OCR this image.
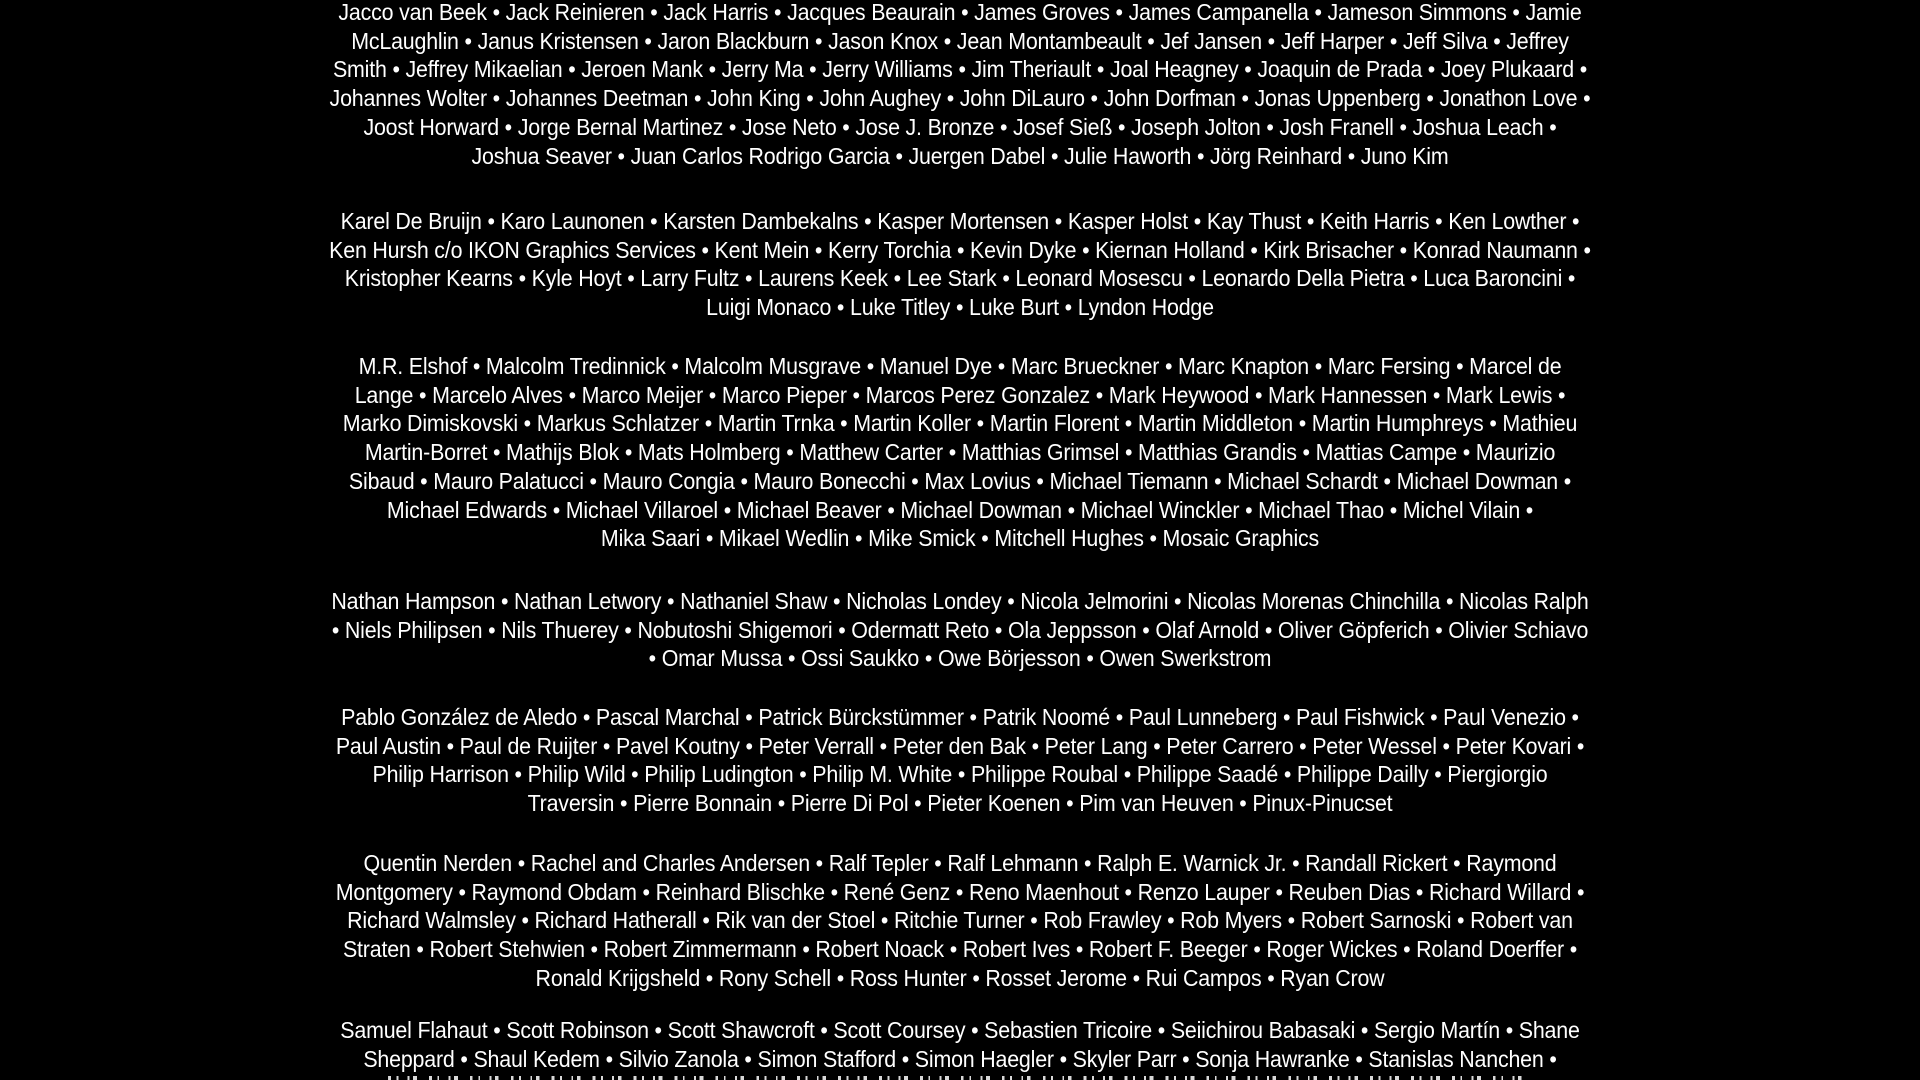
Jacco van Beek • Jack Reinieren • Jack Harris • Jacques Beaurain • James Groves • James Campanella • Jameson Simmons • Jamie
McLaughlin • Janus Kristensen • Jaron Blackburn • Jason Knox • Jean Montambeault • Jef Jansen • Jeff Harper • Jeff Silva • Jeffrey
Smith • Jeffrey Mikaelian • Jeroen Mank • Jerry Ma • Jerry Williams • Jim Theriault • Joal Heagney • Joaquin de Prada • Joey Plukaard •
Johannes Wolter • Johannes Deetman • John King • John Aughey • John DiLauro • John Dorfman • Jonas Uppenberg • Jonathon Love •
Joost Horward • Jorge Bernal Martinez • Jose Neto • Jose J. Bronze • Josef Sieß • Joseph Jolton • Josh Franell • Joshua Leach •
Joshua Seaver • Juan Carlos Rodrigo Garcia • Juergen Dabel • Julie Haworth • Jörg Reinhard • Juno Kim
Karel De Bruijn • Karo Launonen • Karsten Dambekalns • Kasper Mortensen • Kasper Holst • Kay Thust • Keith Harris • Ken Lowther •
Ken Hursh c/o IKON Graphics Services • Kent Mein • Kerry Torchia • Kevin Dyke • Kiernan Holland • Kirk Brisacher • Konrad Naumann •
Kristopher Kearns • Kyle Hoyt • Larry Fultz • Laurens Keek • Lee Stark • Leonard Mosescu • Leonardo Della Pietra • Luca Baroncini •
Luigi Monaco • Luke Titley • Luke Burt • Lyndon Hodge
M.R. Elshof • Malcolm Tredinnick • Malcolm Musgrave • Manuel Dye • Marc Brueckner • Marc Knapton • Marc Fersing • Marcel de
Lange • Marcelo Alves • Marco Meijer • Marco Pieper • Marcos Perez Gonzalez • Mark Heywood • Mark Hannessen • Mark Lewis •
Marko Dimiskovski • Markus Schlatzer • Martin Trnka • Martin Koller • Martin Florent • Martin Middleton • Martin Humphreys • Mathieu
Martin-Borret • Mathijs Blok • Mats Holmberg • Matthew Carter • Matthias Grimsel • Matthias Grandis • Mattias Campe • Maurizio
Sibaud • Mauro Palatucci • Mauro Congia • Mauro Bonecchi • Max Lovius • Michael Tiemann • Michael Schardt • Michael Dowman •
Michael Edwards • Michael Villaroel • Michael Beaver • Michael Dowman • Michael Winckler • Michael Thao • Michel Vilain •
Mika Saari • Mikael Wedlin • Mike Smick • Mitchell Hughes • Mosaic Graphics
Nathan Hampson • Nathan Letwory • Nathaniel Shaw • Nicholas Londey • Nicola Jelmorini • Nicolas Morenas Chinchilla • Nicolas Ralph
• Niels Philipsen • Nils Thuerey • Nobutoshi Shigemori • Odermatt Reto • Ola Jeppsson • Olaf Arnold • Oliver Göpferich • Olivier Schiavo
• Omar Mussa • Ossi Saukko • Owe Börjesson • Owen Swerkstrom
Pablo González de Aledo • Pascal Marchal • Patrick Bürckstümmer • Patrik Noomé • Paul Lunneberg • Paul Fishwick • Paul Venezio •
Paul Austin • Paul de Ruijter • Pavel Koutny • Peter Verrall • Peter den Bak • Peter Lang • Peter Carrero • Peter Wessel • Peter Kovari •
Philip Harrison • Philip Wild • Philip Ludington • Philip M. White • Philippe Roubal • Philippe Saadé • Philippe Dailly • Piergiorgio
Traversin • Pierre Bonnain • Pierre Di Pol • Pieter Koenen • Pim van Heuven • Pinux-Pinucset
Quentin Nerden • Rachel and Charles Andersen • Ralf Tepler • Ralf Lehmann • Ralph E. Warnick Jr. • Randall Rickert • Raymond
Montgomery • Raymond Obdam • Reinhard Blischke • René Genz • Reno Maenhout • Renzo Lauper • Reuben Dias • Richard Willard •
Richard Walmsley • Richard Hatherall • Rik van der Stoel • Ritchie Turner • Rob Frawley • Rob Myers • Robert Sarnoski • Robert van
Straten • Robert Stehwien • Robert Zimmermann • Robert Noack • Robert Ives • Robert F. Beeger • Roger Wickes • Roland Doerffer •
Ronald Krijgsheld • Rony Schell • Ross Hunter • Rosset Jerome • Rui Campos • Ryan Crow
Samuel Flahaut • Scott Robinson • Scott Shawcroft • Scott Coursey • Sebastien Tricoire • Seiichirou Babasaki • Sergio Martín • Shane
Sheppard • Shaul Kedem • Silvio Zanola • Simon Stafford • Simon Haegler • Skyler Parr • Sonja Hawranke • Stanislas Nanchen •
